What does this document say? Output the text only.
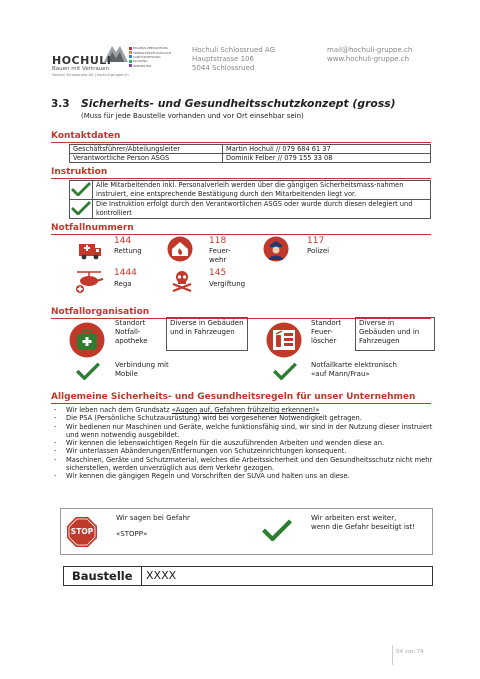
HOCHULI
Bauen mit Vertrauen
Hochuli Schlossrued AG | hochuli-gruppe.ch
HOLZBAU/BEDACHUNG
SPENGLEREI/FLACHDACH
SANITÄR/HEIZUNG
PLANUNG
IMMOBILIEN
Hochuli Schlossrued AG
Hauptstrasse 106
5044 Schlossrued
mail@hochuli-gruppe.ch
www.hochuli-gruppe.ch
3.3 Sicherheits- und Gesundheitsschutzkonzept (gross)
(Muss für jede Baustelle vorhanden und vor Ort einsehbar sein)
Kontaktdaten
Geschäftsführer/Abteilungsleiter	Martin Hochuli // 079 684 61 37
Verantwortliche Person ASGS	Dominik Felber // 079 155 33 08
Instruktion
	Alle Mitarbeitenden inkl. Personalverleih werden über die gängigen Sicherheitsmass-nahmen instruiert, eine entsprechende Bestätigung durch den Mitarbeitenden liegt vor.
	Die Instruktion erfolgt durch den Verantwortlichen ASGS oder wurde durch diesen delegiert und kontrolliert
Notfallnummern
144
Rettung
118
Feuer-
wehr
117
Polizei
1444
Rega
145
Vergiftung
Notfallorganisation
Standort Notfall-apotheke
Diverse in Gebäuden und in Fahrzeugen
Standort Feuer-löscher
Diverse in Gebäuden und in Fahrzeugen
Verbindung mit Mobile
Notfallkarte elektronisch «auf Mann/Frau»
Allgemeine Sicherheits- und Gesundheitsregeln für unser Unternehmen
-	Wir leben nach dem Grundsatz «Augen auf, Gefahren frühzeitig erkennen!»
-	Die PSA (Persönliche Schutzausrüstung) wird bei vorgesehener Notwendigkeit getragen.
-	Wir bedienen nur Maschinen und Geräte, welche funktionsfähig sind, wir sind in der Nutzung dieser instruiert und wenn notwendig ausgebildet.
-	Wir kennen die lebenswichtigen Regeln für die auszuführenden Arbeiten und wenden diese an.
-	Wir unterlassen Abänderungen/Entfernungen von Schutzeinrichtungen konsequent.
-	Maschinen, Geräte und Schutzmaterial, welches die Arbeitssicherheit und den Gesundheitsschutz nicht mehr sicherstellen, werden unverzüglich aus dem Verkehr gezogen.
-	Wir kennen die gängigen Regeln und Vorschriften der SUVA und halten uns an diese.
STOP
Wir sagen bei Gefahr
«STOPP»
Wir arbeiten erst weiter,
wenn die Gefahr beseitigt ist!
Baustelle	XXXX
54 von 74
